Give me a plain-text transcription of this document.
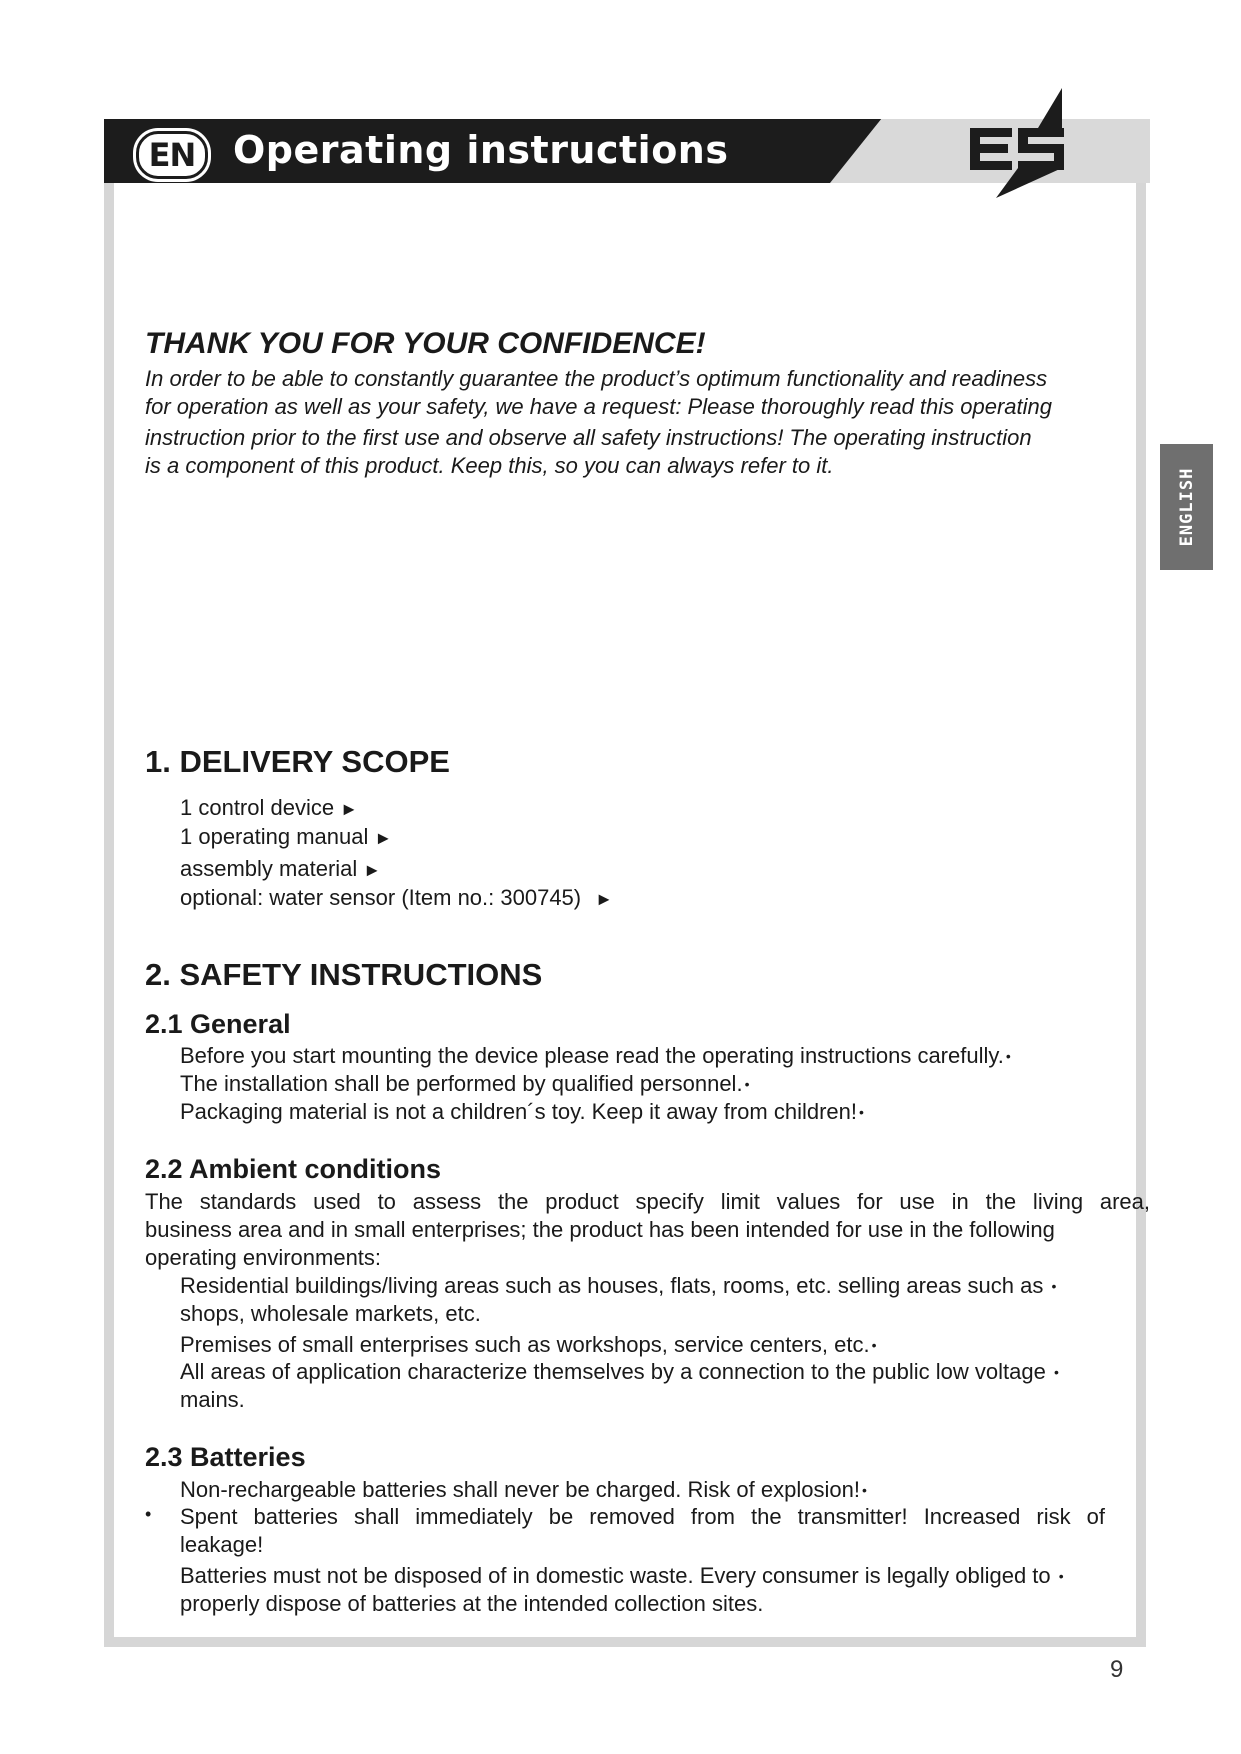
EN Operating instructions
ENGLISH
THANK YOU FOR YOUR CONFIDENCE!

In order to be able to constantly guarantee the product’s optimum functionality and readiness

for operation as well as your safety, we have a request: Please thoroughly read this operating

instruction prior to the first use and observe all safety instructions! The operating instruction

is a component of this product. Keep this, so you can always refer to it.

1. DELIVERY SCOPE
1 control device ►
1 operating manual ►
assembly material ►
optional: water sensor (Item no.: 300745) ►
2. SAFETY INSTRUCTIONS
2.1 General
Before you start mounting the device please read the operating instructions carefully. •
The installation shall be performed by qualified personnel. •
Packaging material is not a children´s toy. Keep it away from children! •
2.2 Ambient conditions

The standards used to assess the product specify limit values for use in the living area,

business area and in small enterprises; the product has been intended for use in the following

operating environments:

Residential buildings/living areas such as houses, flats, rooms, etc. selling areas such as •
shops, wholesale markets, etc.
Premises of small enterprises such as workshops, service centers, etc. •
All areas of application characterize themselves by a connection to the public low voltage •
mains.
2.3 Batteries
Non-rechargeable batteries shall never be charged. Risk of explosion! •
• Spent batteries shall immediately be removed from the transmitter! Increased risk of
leakage!
Batteries must not be disposed of in domestic waste. Every consumer is legally obliged to •
properly dispose of batteries at the intended collection sites.
9
